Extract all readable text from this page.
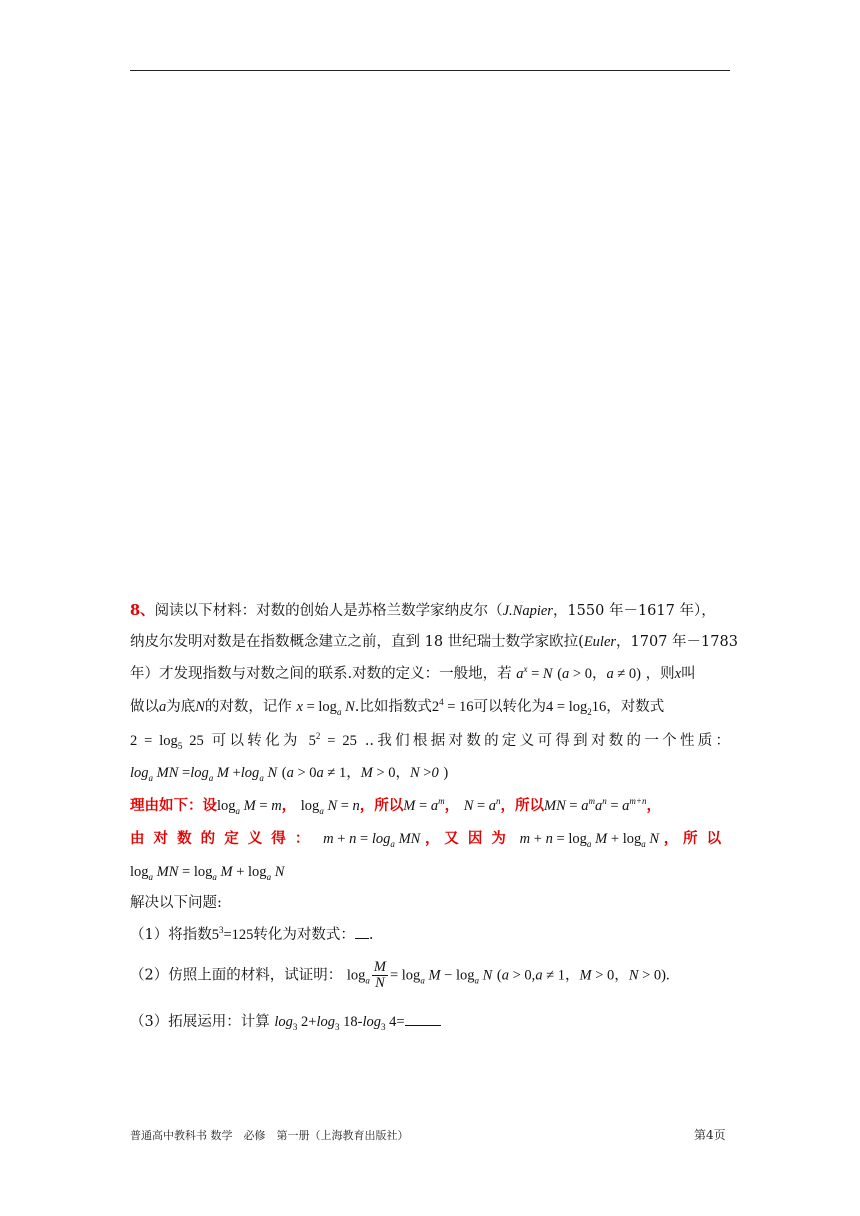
8、阅读以下材料：对数的创始人是苏格兰数学家纳皮尔（J.Napier，1550 年－1617 年），
纳皮尔发明对数是在指数概念建立之前，直到 18 世纪瑞士数学家欧拉(Euler，1707 年－1783
年）才发现指数与对数之间的联系.对数的定义：一般地，若 $a^x = N$ (a > 0，a ≠ 0) ，则x叫
做以a为底N的对数，记作 $x = \log_a N$.比如指数式$2^4 = 16$可以转化为$4 = \log_216$，对数式
$2 = \log_5 25$ 可以转化为 $5^2 = 25$ ..我们根据对数的定义可得到对数的一个性质：
$\log_a$ MN $=\log_a$ $M +\log_a$ N (a > 0a ≠ 1，M > 0，N >0 )
理由如下：设$\log_a M = m$， $\log_a N = n$，所以$M = a^m$， $N = a^n$，所以MN = $a^ma^n = a^{m+n}$，
由对数的定义得： $m + n = \log_a$ MN ， 又因为 $m + n = \log_a M + \log_a N$ ， 所以
$\log_a$ MN = $\log_a M + \log_a N$
解决以下问题:
（1）将指数$5^3=125$转化为对数式： .
（2）仿照上面的材料，试证明： $\log_a \frac{M}{N} = \log_a M - \log_a N$ (a > 0,a ≠ 1，M > 0，N > 0).
（3）拓展运用：计算 $\log_3 2+\log_3$ $18-\log_3$ 4=
普通高中教科书 数学　必修　第一册（上海教育出版社）	第4页
